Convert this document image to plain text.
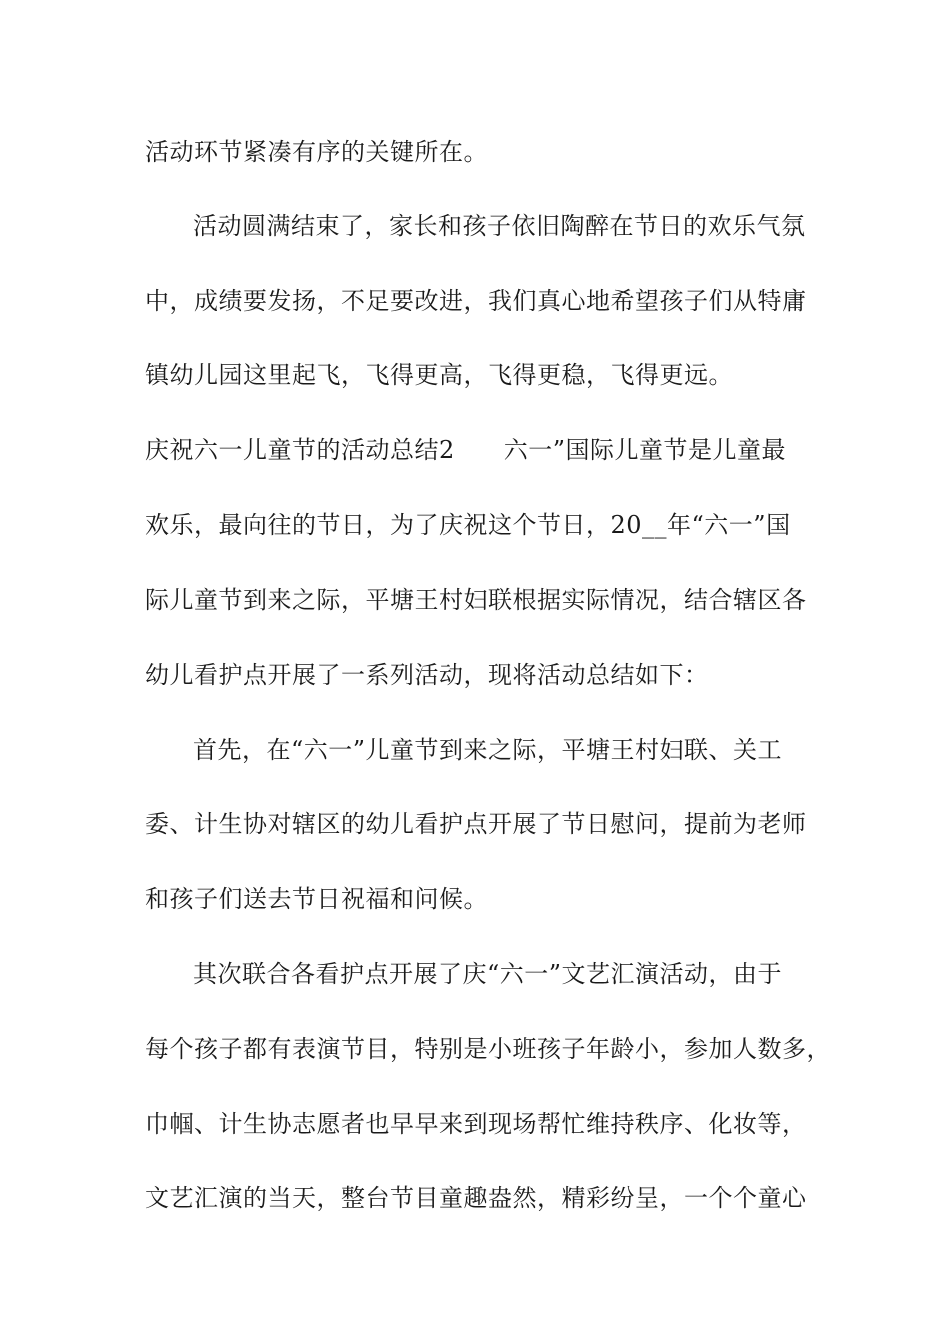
活动环节紧凑有序的关键所在。
活动圆满结束了，家长和孩子依旧陶醉在节日的欢乐气氛
中，成绩要发扬，不足要改进，我们真心地希望孩子们从特庸
镇幼儿园这里起飞，飞得更高，飞得更稳，飞得更远。
庆祝六一儿童节的活动总结2　　六一”国际儿童节是儿童最
欢乐，最向往的节日，为了庆祝这个节日，20__年“六一”国
际儿童节到来之际，平塘王村妇联根据实际情况，结合辖区各
幼儿看护点开展了一系列活动，现将活动总结如下：
首先，在“六一”儿童节到来之际，平塘王村妇联、关工
委、计生协对辖区的幼儿看护点开展了节日慰问，提前为老师
和孩子们送去节日祝福和问候。
其次联合各看护点开展了庆“六一”文艺汇演活动，由于
每个孩子都有表演节目，特别是小班孩子年龄小，参加人数多，
巾帼、计生协志愿者也早早来到现场帮忙维持秩序、化妆等，
文艺汇演的当天，整台节目童趣盎然，精彩纷呈，一个个童心
